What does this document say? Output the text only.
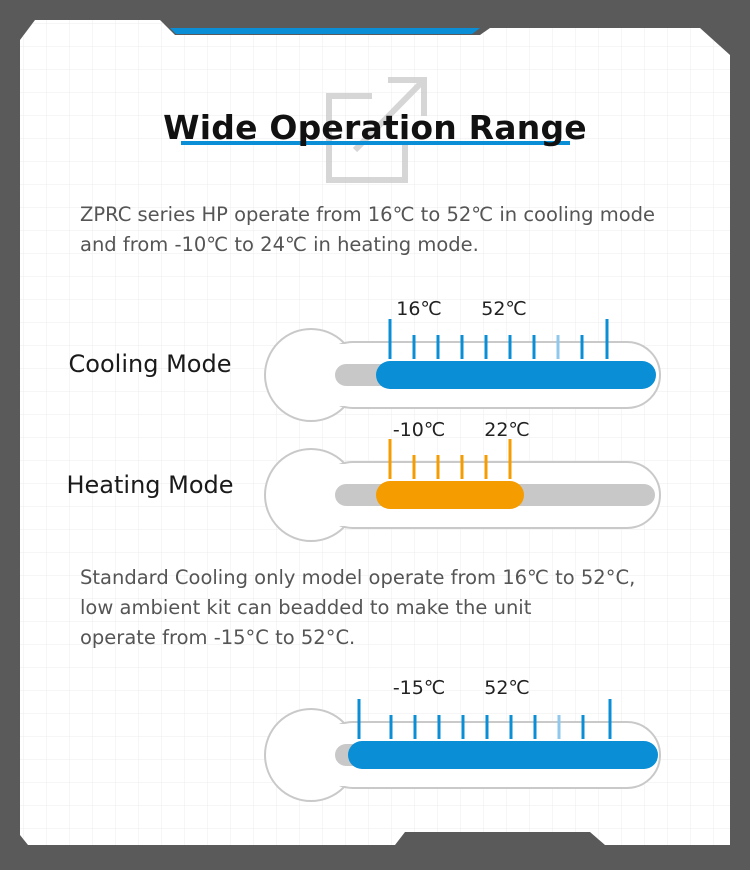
Wide Operation Range
ZPRC series HP operate from 16℃ to 52℃ in cooling mode
and from -10℃ to 24℃ in heating mode.
Cooling Mode
16℃ 52℃
Heating Mode
-10℃ 22℃
Standard Cooling only model operate from 16℃ to 52°C,
low ambient kit can beadded to make the unit
operate from -15°C to 52°C.
-15℃ 52℃
